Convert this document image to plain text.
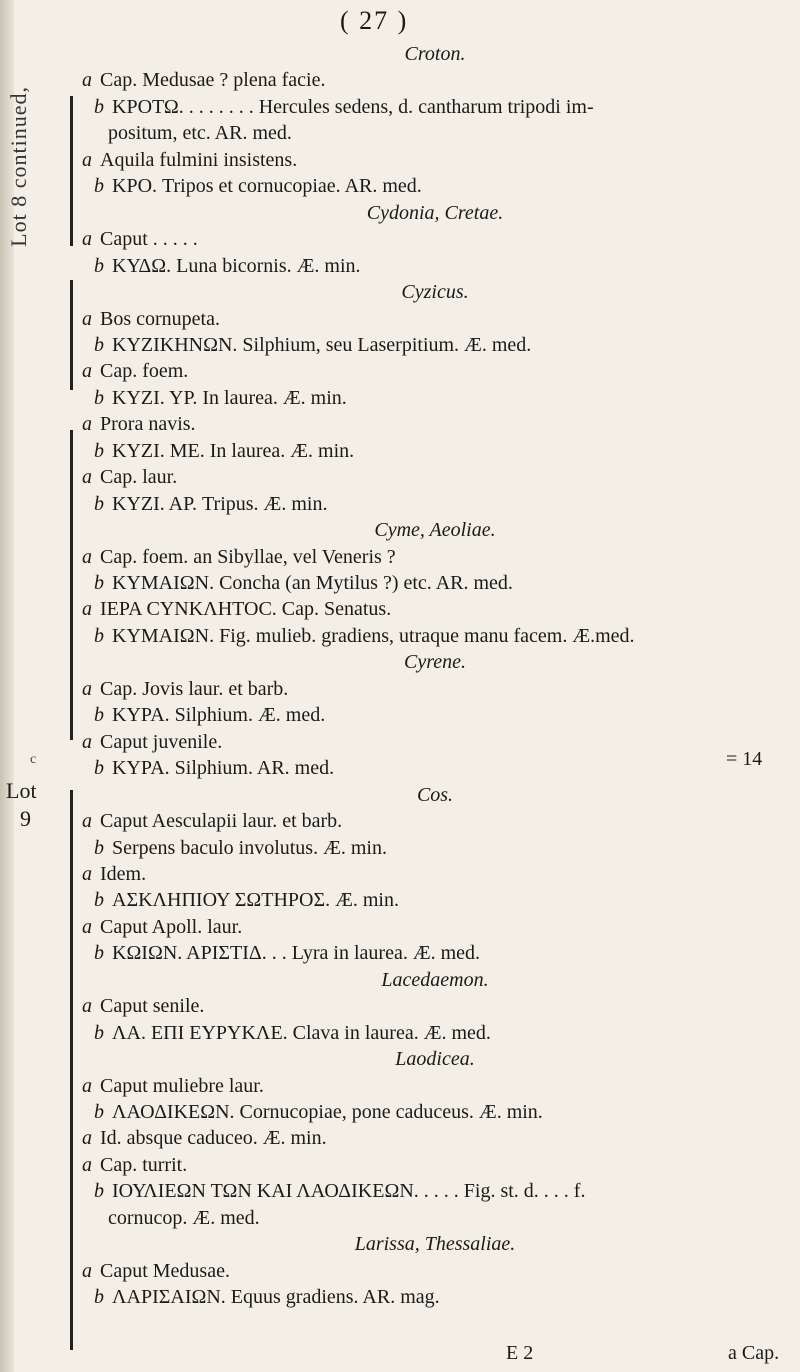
Lot 8 continued,
Lot
9
c
( 27 )
Croton.
a Cap. Medusae ? plena facie.
b ΚΡΟΤΩ. . . . . . . . Hercules sedens, d. cantharum tripodi im-
positum, etc. AR. med.
a Aquila fulmini insistens.
b ΚΡΟ. Tripos et cornucopiae. AR. med.
Cydonia, Cretae.
a Caput . . . . .
b ΚΥΔΩ. Luna bicornis. Æ. min.
Cyzicus.
a Bos cornupeta.
b ΚΥΖΙΚΗΝΩΝ. Silphium, seu Laserpitium. Æ. med.
a Cap. foem.
b ΚΥΖΙ. ΥΡ. In laurea. Æ. min.
a Prora navis.
b ΚΥΖΙ. ΜΕ. In laurea. Æ. min.
a Cap. laur.
b ΚΥΖΙ. ΑΡ. Tripus. Æ. min.
Cyme, Aeoliae.
a Cap. foem. an Sibyllae, vel Veneris ?
b ΚΥΜΑΙΩΝ. Concha (an Mytilus ?) etc. AR. med.
a ΙΕΡΑ ϹΥΝΚΛΗΤΟϹ. Cap. Senatus.
b ΚΥΜΑΙΩΝ. Fig. mulieb. gradiens, utraque manu facem. Æ.med.
Cyrene.
a Cap. Jovis laur. et barb.
b ΚΥΡΑ. Silphium. Æ. med.
a Caput juvenile.
b ΚΥΡΑ. Silphium. AR. med.
Cos.
a Caput Aesculapii laur. et barb.
b Serpens baculo involutus. Æ. min.
a Idem.
b ΑΣΚΛΗΠΙΟΥ ΣΩΤΗΡΟΣ. Æ. min.
a Caput Apoll. laur.
b ΚΩΙΩΝ. ΑΡΙΣΤΙΔ. . . Lyra in laurea. Æ. med.
Lacedaemon.
a Caput senile.
b ΛΑ. ΕΠΙ ΕΥΡΥΚΛΕ. Clava in laurea. Æ. med.
Laodicea.
a Caput muliebre laur.
b ΛΑΟΔΙΚΕΩΝ. Cornucopiae, pone caduceus. Æ. min.
a Id. absque caduceo. Æ. min.
a Cap. turrit.
b ΙΟΥΛΙΕΩΝ ΤΩΝ ΚΑΙ ΛΑΟΔΙΚΕΩΝ. . . . . Fig. st. d. . . . f.
cornucop. Æ. med.
Larissa, Thessaliae.
a Caput Medusae.
b ΛΑΡΙΣΑΙΩΝ. Equus gradiens. AR. mag.
= 14
E 2	a Cap.
